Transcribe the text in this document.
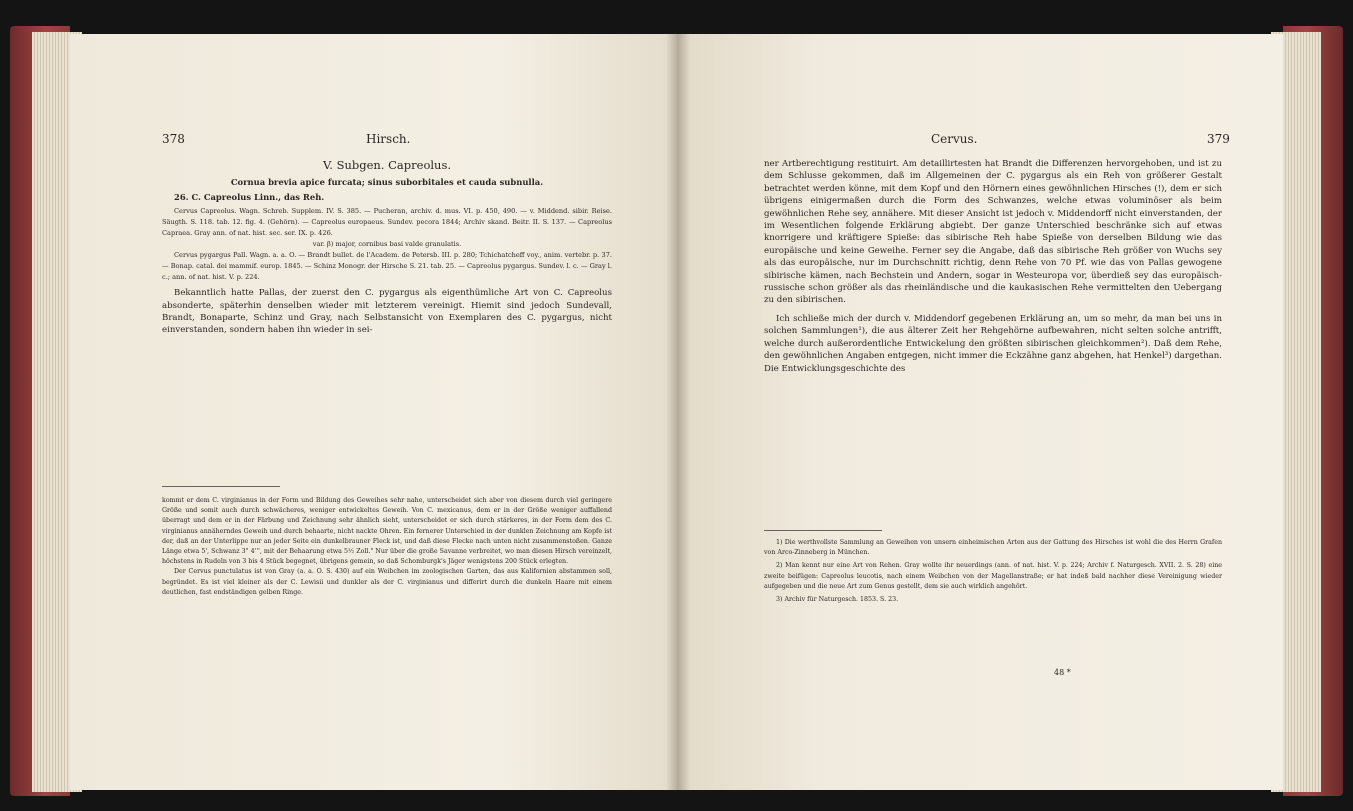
378	Hirsch.

V. Subgen. Capreolus.

Cornua brevia apice furcata; sinus suborbitales et cauda subnulla.

26. C. Capreolus Linn., das Reh.

Cervus Capreolus. Wagn. Schreb. Supplem. IV. S. 385. — Pucheran, archiv. d. mus. VI. p. 450, 490. — v. Middend. sibir. Reise. Säugth. S. 118. tab. 12. fig. 4. (Gehörn). — Capreolus europaeus. Sundev. pecora 1844; Archiv skand. Beitr. II. S. 137. — Capreolus Capraea. Gray ann. of nat. hist. sec. ser. IX. p. 426.

var. β) major, cornibus basi valde granulatis.

Cervus pygargus Pall. Wagn. a. a. O. — Brandt bullet. de l'Academ. de Petersb. III. p. 280; Tchichatcheff voy., anim. vertebr. p. 37. — Bonap. catal. dei mammif. europ. 1845. — Schinz Monogr. der Hirsche S. 21. tab. 25. — Capreolus pygargus. Sundev. l. c. — Gray l. c.; ann. of nat. hist. V. p. 224.

Bekanntlich hatte Pallas, der zuerst den C. pygargus als eigenthümliche Art von C. Capreolus absonderte, späterhin denselben wieder mit letzterem vereinigt. Hiemit sind jedoch Sundevall, Brandt, Bonaparte, Schinz und Gray, nach Selbstansicht von Exemplaren des C. pygargus, nicht einverstanden, sondern haben ihn wieder in sei-

kommt er dem C. virginianus in der Form und Bildung des Geweihes sehr nahe, unterscheidet sich aber von diesem durch viel geringere Größe und somit auch durch schwächeres, weniger entwickeltes Geweih. Von C. mexicanus, dem er in der Größe weniger auffallend überragt und dem er in der Färbung und Zeichnung sehr ähnlich sieht, unterscheidet er sich durch stärkeres, in der Form dem des C. virginianus annäherndes Geweih und durch behaarte, nicht nackte Ohren. Ein fernerer Unterschied in der dunklen Zeichnung am Kopfe ist der, daß an der Unterlippe nur an jeder Seite ein dunkelbrauner Fleck ist, und daß diese Flecke nach unten nicht zusammenstoßen. Ganze Länge etwa 5', Schwanz 3" 4''', mit der Behaarung etwa 5½ Zoll." Nur über die große Savanne verbreitet, wo man diesen Hirsch vereinzelt, höchstens in Rudeln von 3 bis 4 Stück begegnet, übrigens gemein, so daß Schomburgk's Jäger wenigstens 200 Stück erlegten.

Der Cervus punctulatus ist von Gray (a. a. O. S. 430) auf ein Weibchen im zoologischen Garten, das aus Kalifornien abstammen soll, begründet. Es ist viel kleiner als der C. Lewisii und dunkler als der C. virginianus und differirt durch die dunkeln Haare mit einem deutlichen, fast endständigen gelben Ringe.

Cervus.	379

ner Artberechtigung restituirt. Am detaillirtesten hat Brandt die Differenzen hervorgehoben, und ist zu dem Schlusse gekommen, daß im Allgemeinen der C. pygargus als ein Reh von größerer Gestalt betrachtet werden könne, mit dem Kopf und den Hörnern eines gewöhnlichen Hirsches (!), dem er sich übrigens einigermaßen durch die Form des Schwanzes, welche etwas voluminöser als beim gewöhnlichen Rehe sey, annähere. Mit dieser Ansicht ist jedoch v. Middendorff nicht einverstanden, der im Wesentlichen folgende Erklärung abgiebt. Der ganze Unterschied beschränke sich auf etwas knorrigere und kräftigere Spieße: das sibirische Reh habe Spieße von derselben Bildung wie das europäische und keine Geweihe. Ferner sey die Angabe, daß das sibirische Reh größer von Wuchs sey als das europäische, nur im Durchschnitt richtig, denn Rehe von 70 Pf. wie das von Pallas gewogene sibirische kämen, nach Bechstein und Andern, sogar in Westeuropa vor, überdieß sey das europäisch-russische schon größer als das rheinländische und die kaukasischen Rehe vermittelten den Uebergang zu den sibirischen.

Ich schließe mich der durch v. Middendorf gegebenen Erklärung an, um so mehr, da man bei uns in solchen Sammlungen¹), die aus älterer Zeit her Rehgehörne aufbewahren, nicht selten solche antrifft, welche durch außerordentliche Entwickelung den größten sibirischen gleichkommen²). Daß dem Rehe, den gewöhnlichen Angaben entgegen, nicht immer die Eckzähne ganz abgehen, hat Henkel³) dargethan. Die Entwicklungsgeschichte des

1) Die werthvollste Sammlung an Geweihen von unsern einheimischen Arten aus der Gattung des Hirsches ist wohl die des Herrn Grafen von Arco-Zinneberg in München.

2) Man kennt nur eine Art von Rehen. Gray wollte ihr neuerdings (ann. of nat. hist. V. p. 224; Archiv f. Naturgesch. XVII. 2. S. 28) eine zweite beifügen: Capreolus leucotis, nach einem Weibchen von der Magellanstraße; er hat indeß bald nachher diese Vereinigung wieder aufgegeben und die neue Art zum Genus gestellt, dem sie auch wirklich angehört.

3) Archiv für Naturgesch. 1853. S. 23.

48 *
